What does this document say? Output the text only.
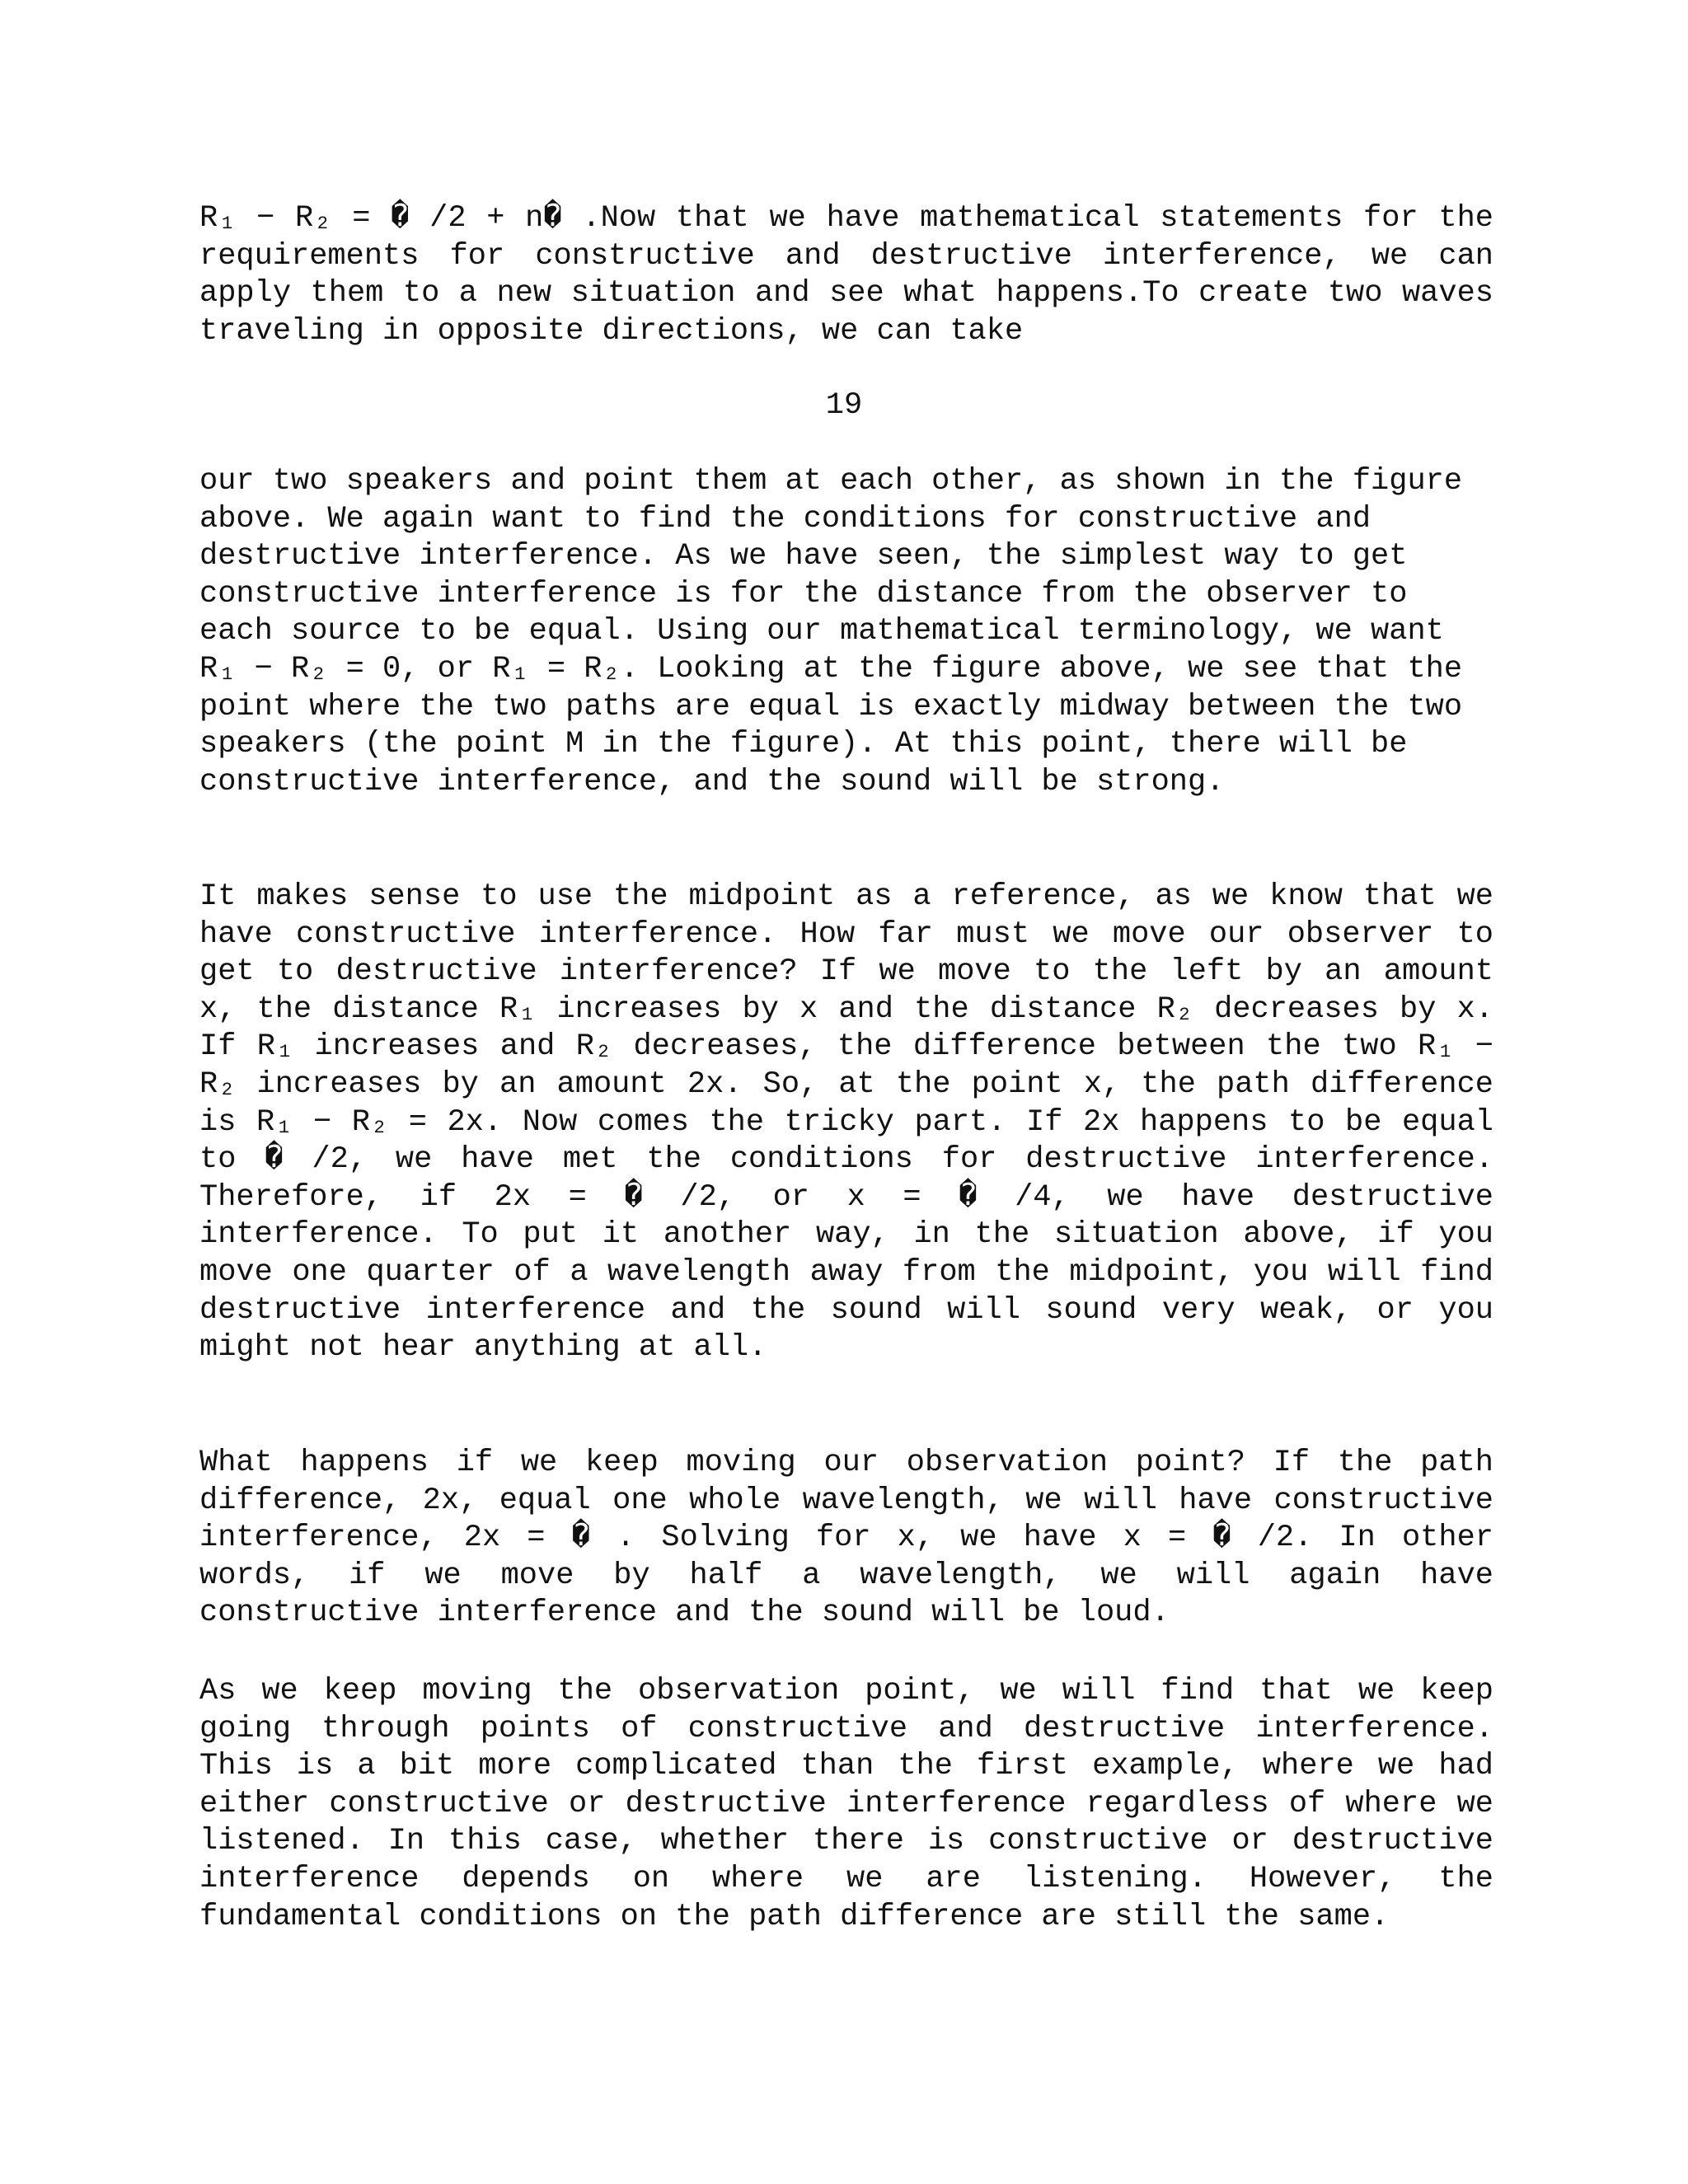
R₁ − R₂ = � /2 + n� .Now that we have mathematical statements for the requirements for constructive and destructive interference, we can apply them to a new situation and see what happens.To create two waves traveling in opposite directions, we can take

19

our two speakers and point them at each other, as shown in the figure above. We again want to find the conditions for constructive and destructive interference. As we have seen, the simplest way to get constructive interference is for the distance from the observer to each source to be equal. Using our mathematical terminology, we want R₁ − R₂ = 0, or R₁ = R₂. Looking at the figure above, we see that the point where the two paths are equal is exactly midway between the two speakers (the point M in the figure). At this point, there will be constructive interference, and the sound will be strong.

It makes sense to use the midpoint as a reference, as we know that we have constructive interference. How far must we move our observer to get to destructive interference? If we move to the left by an amount x, the distance R₁ increases by x and the distance R₂ decreases by x. If R₁ increases and R₂ decreases, the difference between the two R₁ − R₂ increases by an amount 2x. So, at the point x, the path difference is R₁ − R₂ = 2x. Now comes the tricky part. If 2x happens to be equal to � /2, we have met the conditions for destructive interference. Therefore, if 2x = � /2, or x = � /4, we have destructive interference. To put it another way, in the situation above, if you move one quarter of a wavelength away from the midpoint, you will find destructive interference and the sound will sound very weak, or you might not hear anything at all.

What happens if we keep moving our observation point? If the path difference, 2x, equal one whole wavelength, we will have constructive interference, 2x = � . Solving for x, we have x = � /2. In other words, if we move by half a wavelength, we will again have constructive interference and the sound will be loud.

As we keep moving the observation point, we will find that we keep going through points of constructive and destructive interference. This is a bit more complicated than the first example, where we had either constructive or destructive interference regardless of where we listened. In this case, whether there is constructive or destructive interference depends on where we are listening. However, the fundamental conditions on the path difference are still the same.
